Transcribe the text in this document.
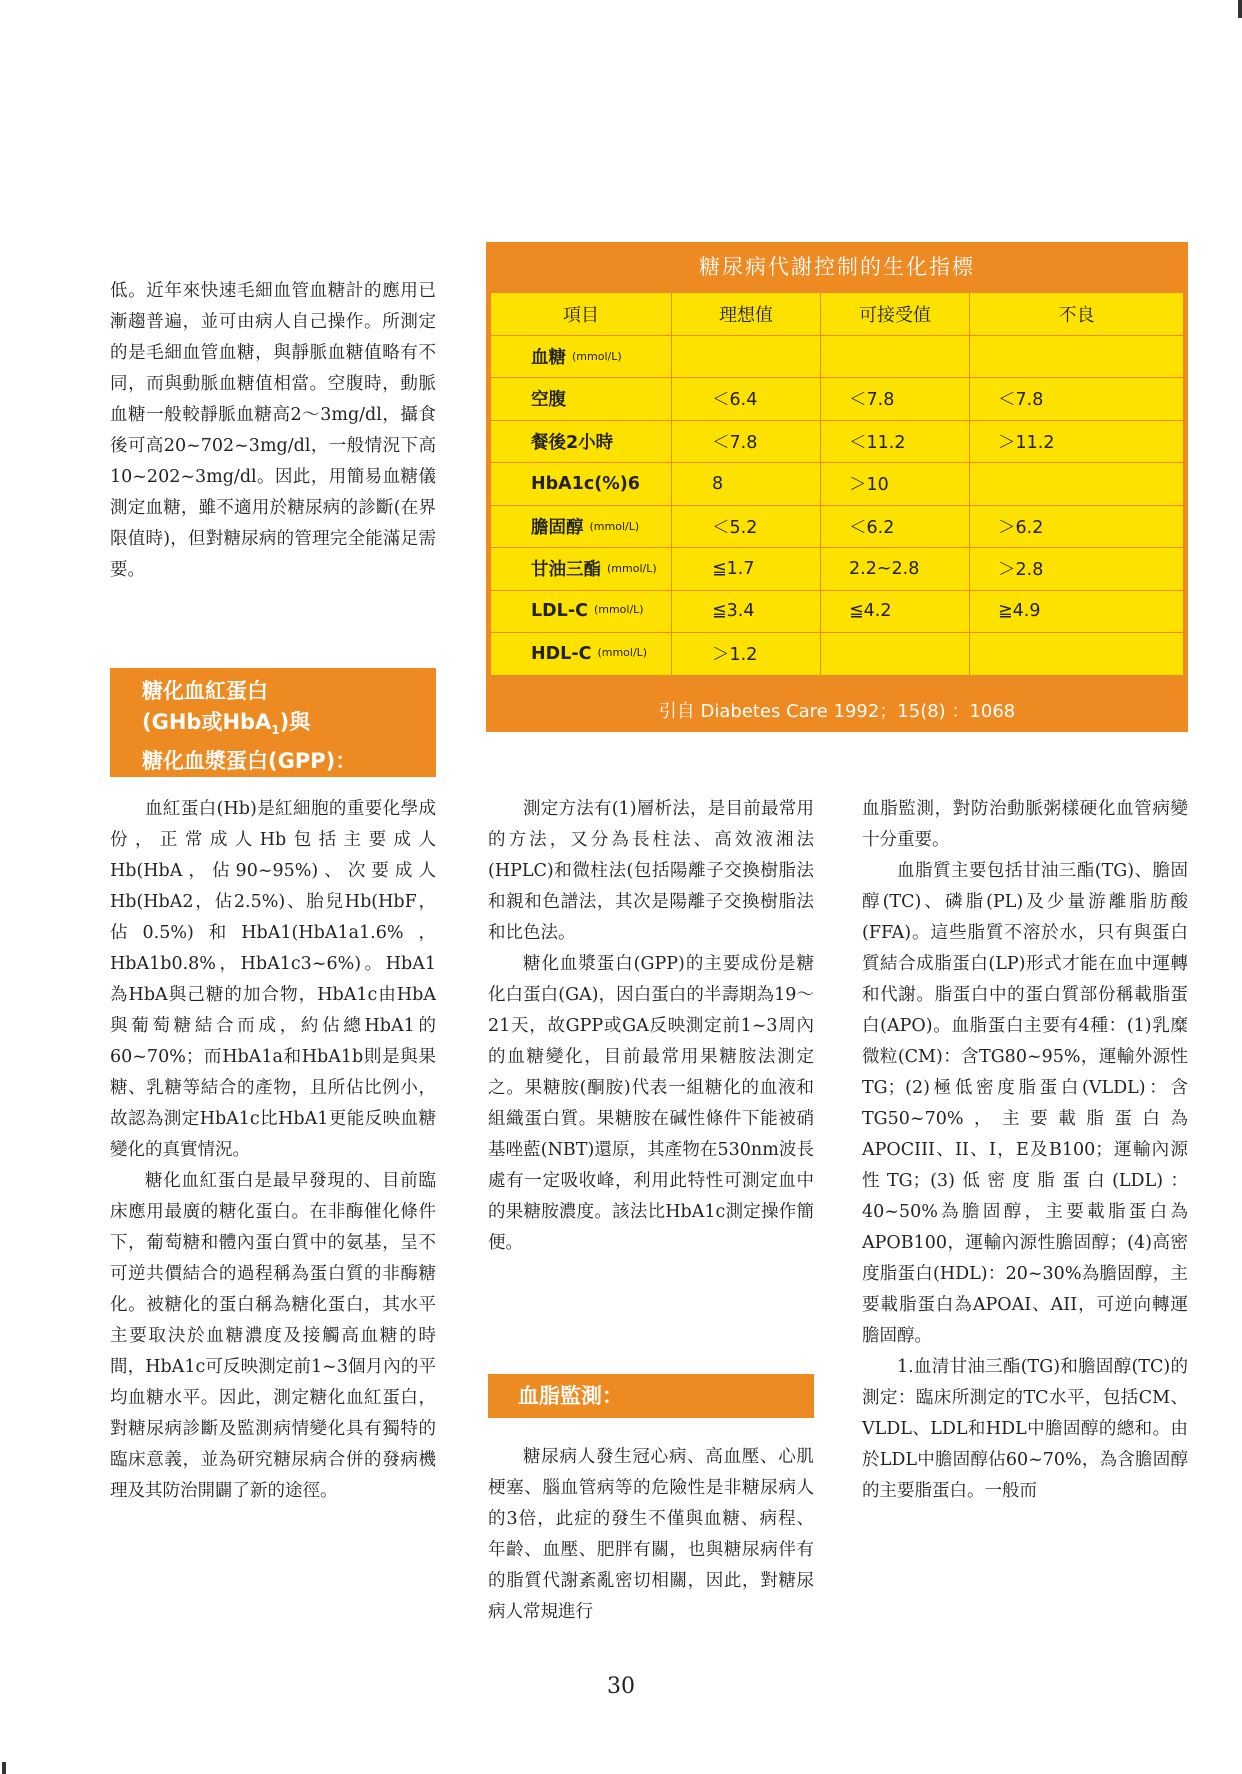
低。近年來快速毛細血管血糖計的應用已漸趨普遍，並可由病人自己操作。所測定的是毛細血管血糖，與靜脈血糖值略有不同，而與動脈血糖值相當。空腹時，動脈血糖一般較靜脈血糖高2～3mg/dl，攝食後可高20~702~3mg/dl，一般情況下高10~202~3mg/dl。因此，用簡易血糖儀測定血糖，雖不適用於糖尿病的診斷(在界限值時)，但對糖尿病的管理完全能滿足需要。

糖化血紅蛋白
(GHb或HbA$_1$)與
糖化血漿蛋白(GPP)：

血紅蛋白(Hb)是紅細胞的重要化學成份，正常成人Hb包括主要成人Hb(HbA，佔90~95%)、次要成人Hb(HbA2，佔2.5%)、胎兒Hb(HbF，佔0.5%)和HbA1(HbA1a1.6%，HbA1b0.8%，HbA1c3~6%)。HbA1為HbA與己糖的加合物，HbA1c由HbA與葡萄糖結合而成，約佔總HbA1的60~70%；而HbA1a和HbA1b則是與果糖、乳糖等結合的產物，且所佔比例小，故認為測定HbA1c比HbA1更能反映血糖變化的真實情況。

糖化血紅蛋白是最早發現的、目前臨床應用最廣的糖化蛋白。在非酶催化條件下，葡萄糖和體內蛋白質中的氨基，呈不可逆共價結合的過程稱為蛋白質的非酶糖化。被糖化的蛋白稱為糖化蛋白，其水平主要取決於血糖濃度及接觸高血糖的時間，HbA1c可反映測定前1~3個月內的平均血糖水平。因此，測定糖化血紅蛋白，對糖尿病診斷及監測病情變化具有獨特的臨床意義，並為研究糖尿病合併的發病機理及其防治開闢了新的途徑。

糖尿病代謝控制的生化指標
項目	理想值	可接受值	不良
血糖 (mmol/L)			
空腹	＜6.4	＜7.8	＜7.8
餐後2小時	＜7.8	＜11.2	＞11.2
HbA1c(%)6	8	＞10	
膽固醇 (mmol/L)	＜5.2	＜6.2	＞6.2
甘油三酯 (mmol/L)	≦1.7	2.2~2.8	＞2.8
LDL-C (mmol/L)	≦3.4	≦4.2	≧4.9
HDL-C (mmol/L)	＞1.2		
引自 Diabetes Care 1992；15(8) ：1068

測定方法有(1)層析法，是目前最常用的方法，又分為長柱法、高效液湘法(HPLC)和微柱法(包括陽離子交換樹脂法和親和色譜法，其次是陽離子交換樹脂法和比色法。

糖化血漿蛋白(GPP)的主要成份是糖化白蛋白(GA)，因白蛋白的半壽期為19～21天，故GPP或GA反映測定前1~3周內的血糖變化，目前最常用果糖胺法測定之。果糖胺(酮胺)代表一組糖化的血液和組織蛋白質。果糖胺在碱性條件下能被硝基唑藍(NBT)還原，其產物在530nm波長處有一定吸收峰，利用此特性可測定血中的果糖胺濃度。該法比HbA1c測定操作簡便。

血脂監測：

糖尿病人發生冠心病、高血壓、心肌梗塞、腦血管病等的危險性是非糖尿病人的3倍，此症的發生不僅與血糖、病程、年齡、血壓、肥胖有關，也與糖尿病伴有的脂質代謝紊亂密切相關，因此，對糖尿病人常規進行

血脂監測，對防治動脈粥樣硬化血管病變十分重要。

血脂質主要包括甘油三酯(TG)、膽固醇(TC)、磷脂(PL)及少量游離脂肪酸(FFA)。這些脂質不溶於水，只有與蛋白質結合成脂蛋白(LP)形式才能在血中運轉和代謝。脂蛋白中的蛋白質部份稱載脂蛋白(APO)。血脂蛋白主要有4種：(1)乳糜微粒(CM)：含TG80~95%，運輸外源性TG；(2)極低密度脂蛋白(VLDL)：含TG50~70%，主要載脂蛋白為APOCIII、II、I，E及B100；運輸內源性TG；(3)低密度脂蛋白(LDL)：40~50%為膽固醇，主要載脂蛋白為APOB100，運輸內源性膽固醇；(4)高密度脂蛋白(HDL)：20~30%為膽固醇，主要載脂蛋白為APOAI、AII，可逆向轉運膽固醇。

1.血清甘油三酯(TG)和膽固醇(TC)的測定：臨床所測定的TC水平，包括CM、VLDL、LDL和HDL中膽固醇的總和。由於LDL中膽固醇佔60~70%，為含膽固醇的主要脂蛋白。一般而

30
